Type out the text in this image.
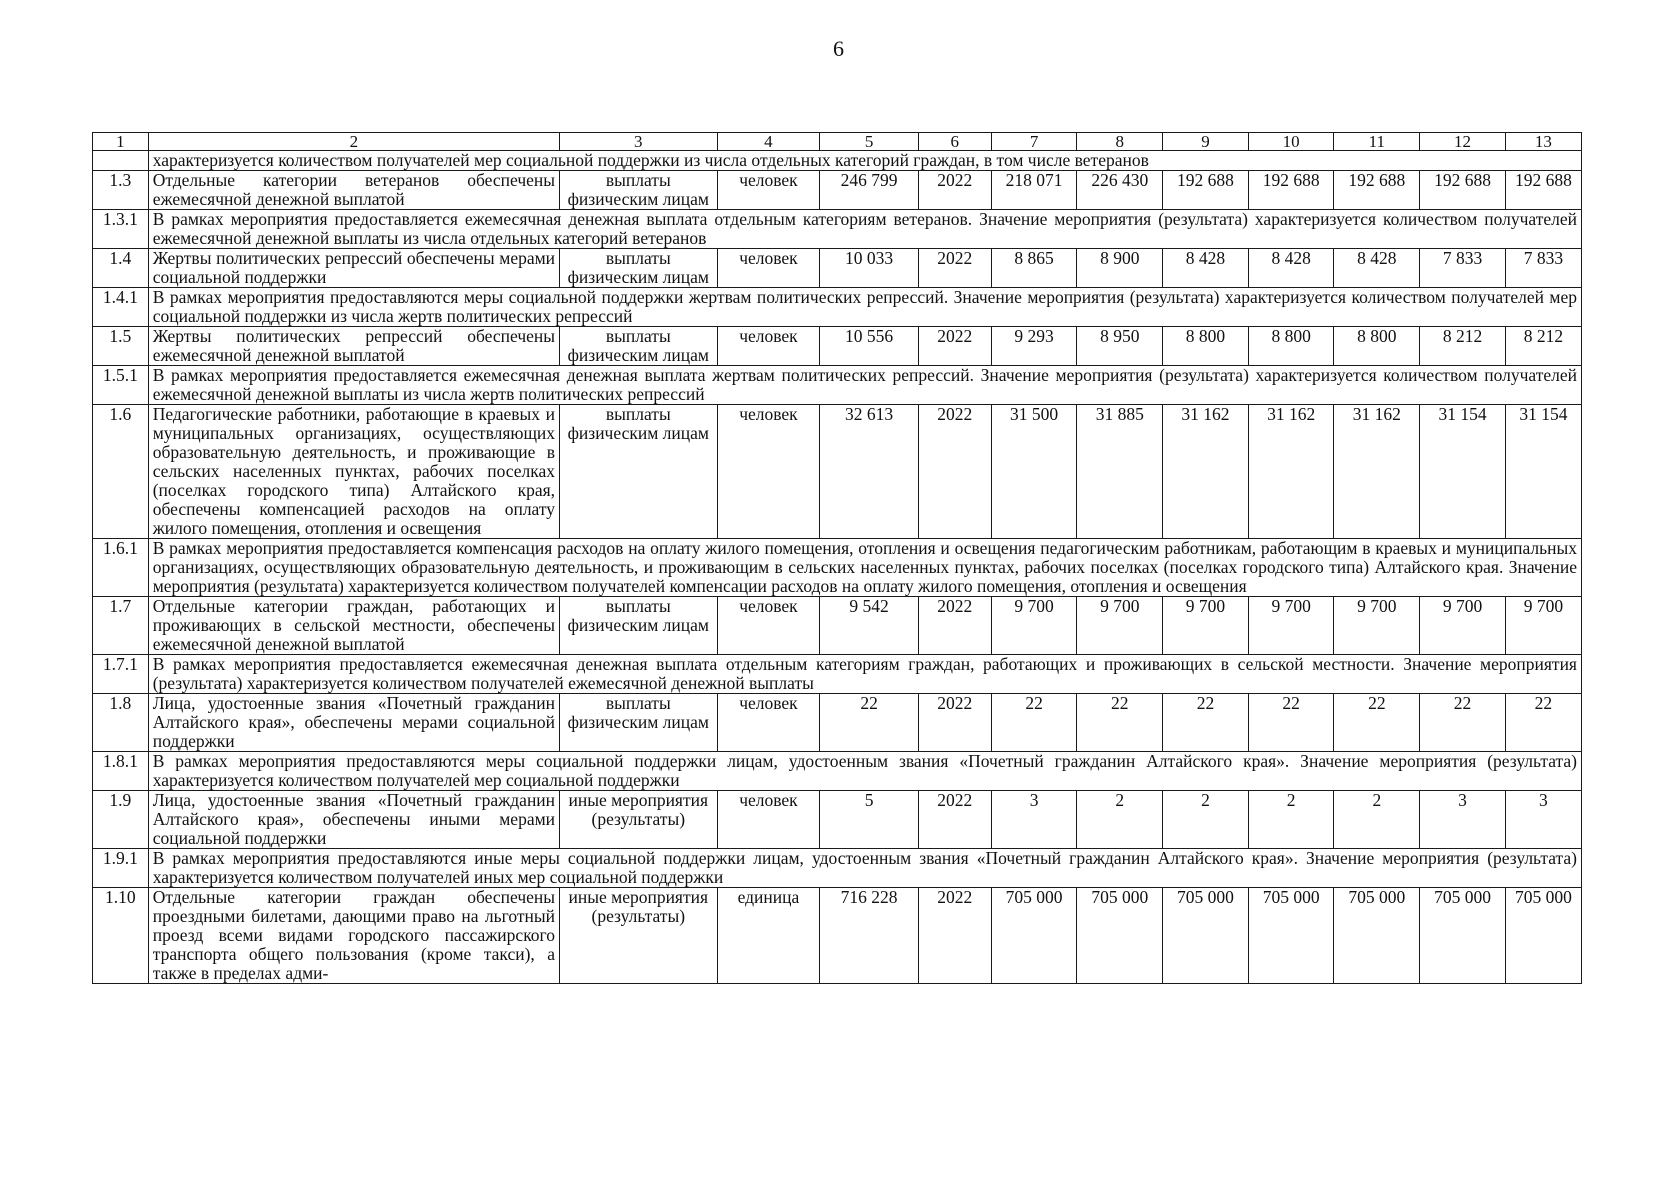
6
1	2	3	4	5	6	7	8	9	10	11	12	13
	характеризуется количеством получателей мер социальной поддержки из числа отдельных категорий граждан, в том числе ветеранов											
1.3	Отдельные категории ветеранов обеспечены ежемесячной денежной выплатой	выплаты физическим лицам	человек	246 799	2022	218 071	226 430	192 688	192 688	192 688	192 688	192 688
1.3.1	В рамках мероприятия предоставляется ежемесячная денежная выплата отдельным категориям ветеранов. Значение мероприятия (результата) характеризуется количеством получателей ежемесячной денежной выплаты из числа отдельных категорий ветеранов											
1.4	Жертвы политических репрессий обеспечены мерами социальной поддержки	выплаты физическим лицам	человек	10 033	2022	8 865	8 900	8 428	8 428	8 428	7 833	7 833
1.4.1	В рамках мероприятия предоставляются меры социальной поддержки жертвам политических репрессий. Значение мероприятия (результата) характеризуется количеством получателей мер социальной поддержки из числа жертв политических репрессий											
1.5	Жертвы политических репрессий обеспечены ежемесячной денежной выплатой	выплаты физическим лицам	человек	10 556	2022	9 293	8 950	8 800	8 800	8 800	8 212	8 212
1.5.1	В рамках мероприятия предоставляется ежемесячная денежная выплата жертвам политических репрессий. Значение мероприятия (результата) характеризуется количеством получателей ежемесячной денежной выплаты из числа жертв политических репрессий											
1.6	Педагогические работники, работающие в краевых и муниципальных организациях, осуществляющих образовательную деятельность, и проживающие в сельских населенных пунктах, рабочих поселках (поселках городского типа) Алтайского края, обеспечены компенсацией расходов на оплату жилого помещения, отопления и освещения	выплаты физическим лицам	человек	32 613	2022	31 500	31 885	31 162	31 162	31 162	31 154	31 154
1.6.1	В рамках мероприятия предоставляется компенсация расходов на оплату жилого помещения, отопления и освещения педагогическим работникам, работающим в краевых и муниципальных организациях, осуществляющих образовательную деятельность, и проживающим в сельских населенных пунктах, рабочих поселках (поселках городского типа) Алтайского края. Значение мероприятия (результата) характеризуется количеством получателей компенсации расходов на оплату жилого помещения, отопления и освещения											
1.7	Отдельные категории граждан, работающих и проживающих в сельской местности, обеспечены ежемесячной денежной выплатой	выплаты физическим лицам	человек	9 542	2022	9 700	9 700	9 700	9 700	9 700	9 700	9 700
1.7.1	В рамках мероприятия предоставляется ежемесячная денежная выплата отдельным категориям граждан, работающих и проживающих в сельской местности. Значение мероприятия (результата) характеризуется количеством получателей ежемесячной денежной выплаты											
1.8	Лица, удостоенные звания «Почетный гражданин Алтайского края», обеспечены мерами социальной поддержки	выплаты физическим лицам	человек	22	2022	22	22	22	22	22	22	22
1.8.1	В рамках мероприятия предоставляются меры социальной поддержки лицам, удостоенным звания «Почетный гражданин Алтайского края». Значение мероприятия (результата) характеризуется количеством получателей мер социальной поддержки											
1.9	Лица, удостоенные звания «Почетный гражданин Алтайского края», обеспечены иными мерами социальной поддержки	иные мероприятия (результаты)	человек	5	2022	3	2	2	2	2	3	3
1.9.1	В рамках мероприятия предоставляются иные меры социальной поддержки лицам, удостоенным звания «Почетный гражданин Алтайского края». Значение мероприятия (результата) характеризуется количеством получателей иных мер социальной поддержки											
1.10	Отдельные категории граждан обеспечены проездными билетами, дающими право на льготный проезд всеми видами городского пассажирского транспорта общего пользования (кроме такси), а также в пределах адми-	иные мероприятия (результаты)	единица	716 228	2022	705 000	705 000	705 000	705 000	705 000	705 000	705 000
